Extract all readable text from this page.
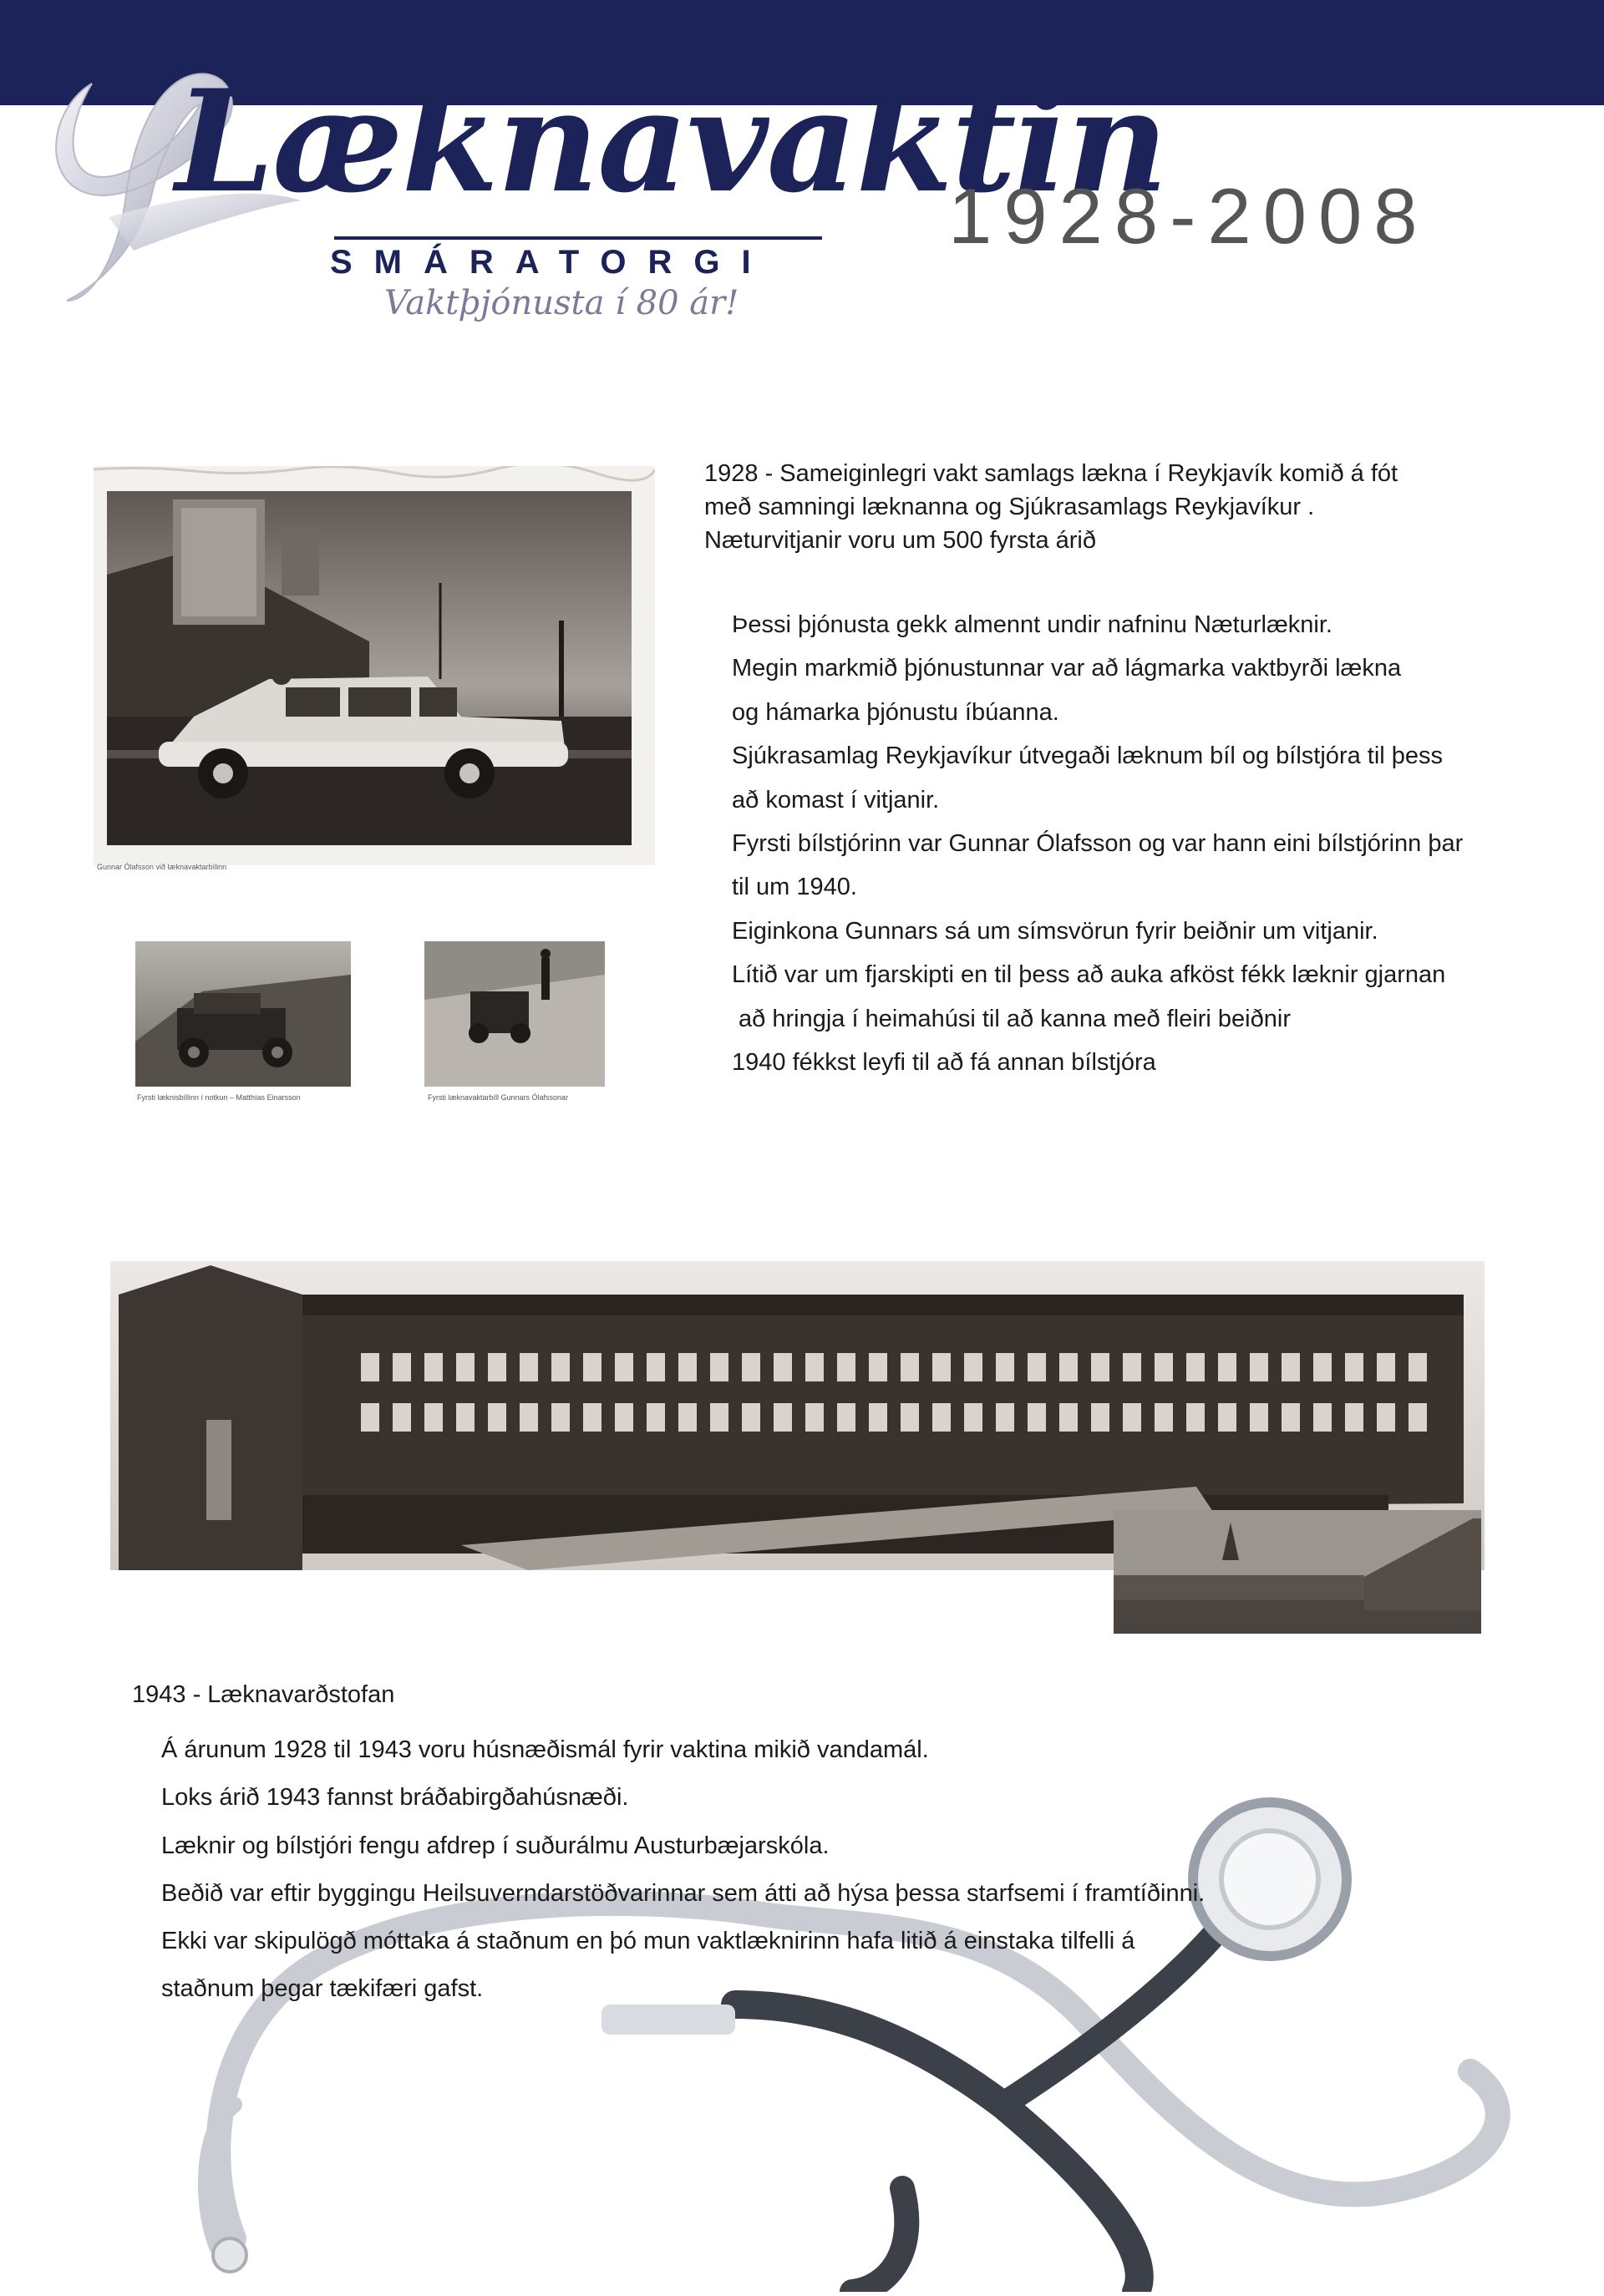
Læknavaktin
SMÁRATORGI
Vaktþjónusta í 80 ár!
1928-2008
Gunnar Ólafsson við læknavaktarbílinn
Fyrsti læknisbíllinn í notkun – Matthías Einarsson	Fyrsti læknavaktarbíll Gunnars Ólafssonar
1928 - Sameiginlegri vakt samlags lækna í Reykjavík komið á fót
með samningi læknanna og Sjúkrasamlags Reykjavíkur .
Næturvitjanir voru um 500 fyrsta árið
Þessi þjónusta gekk almennt undir nafninu Næturlæknir.
Megin markmið þjónustunnar var að lágmarka vaktbyrði lækna
og hámarka þjónustu íbúanna.
Sjúkrasamlag Reykjavíkur útvegaði læknum bíl og bílstjóra til þess
að komast í vitjanir.
Fyrsti bílstjórinn var Gunnar Ólafsson og var hann eini bílstjórinn þar
til um 1940.
Eiginkona Gunnars sá um símsvörun fyrir beiðnir um vitjanir.
Lítið var um fjarskipti en til þess að auka afköst fékk læknir gjarnan
að hringja í heimahúsi til að kanna með fleiri beiðnir
1940 fékkst leyfi til að fá annan bílstjóra
1943 - Læknavarðstofan
Á árunum 1928 til 1943 voru húsnæðismál fyrir vaktina mikið vandamál.
Loks árið 1943 fannst bráðabirgðahúsnæði.
Læknir og bílstjóri fengu afdrep í suðurálmu Austurbæjarskóla.
Beðið var eftir byggingu Heilsuverndarstöðvarinnar sem átti að hýsa þessa starfsemi í framtíðinni.
Ekki var skipulögð móttaka á staðnum en þó mun vaktlæknirinn hafa litið á einstaka tilfelli á
staðnum þegar tækifæri gafst.
